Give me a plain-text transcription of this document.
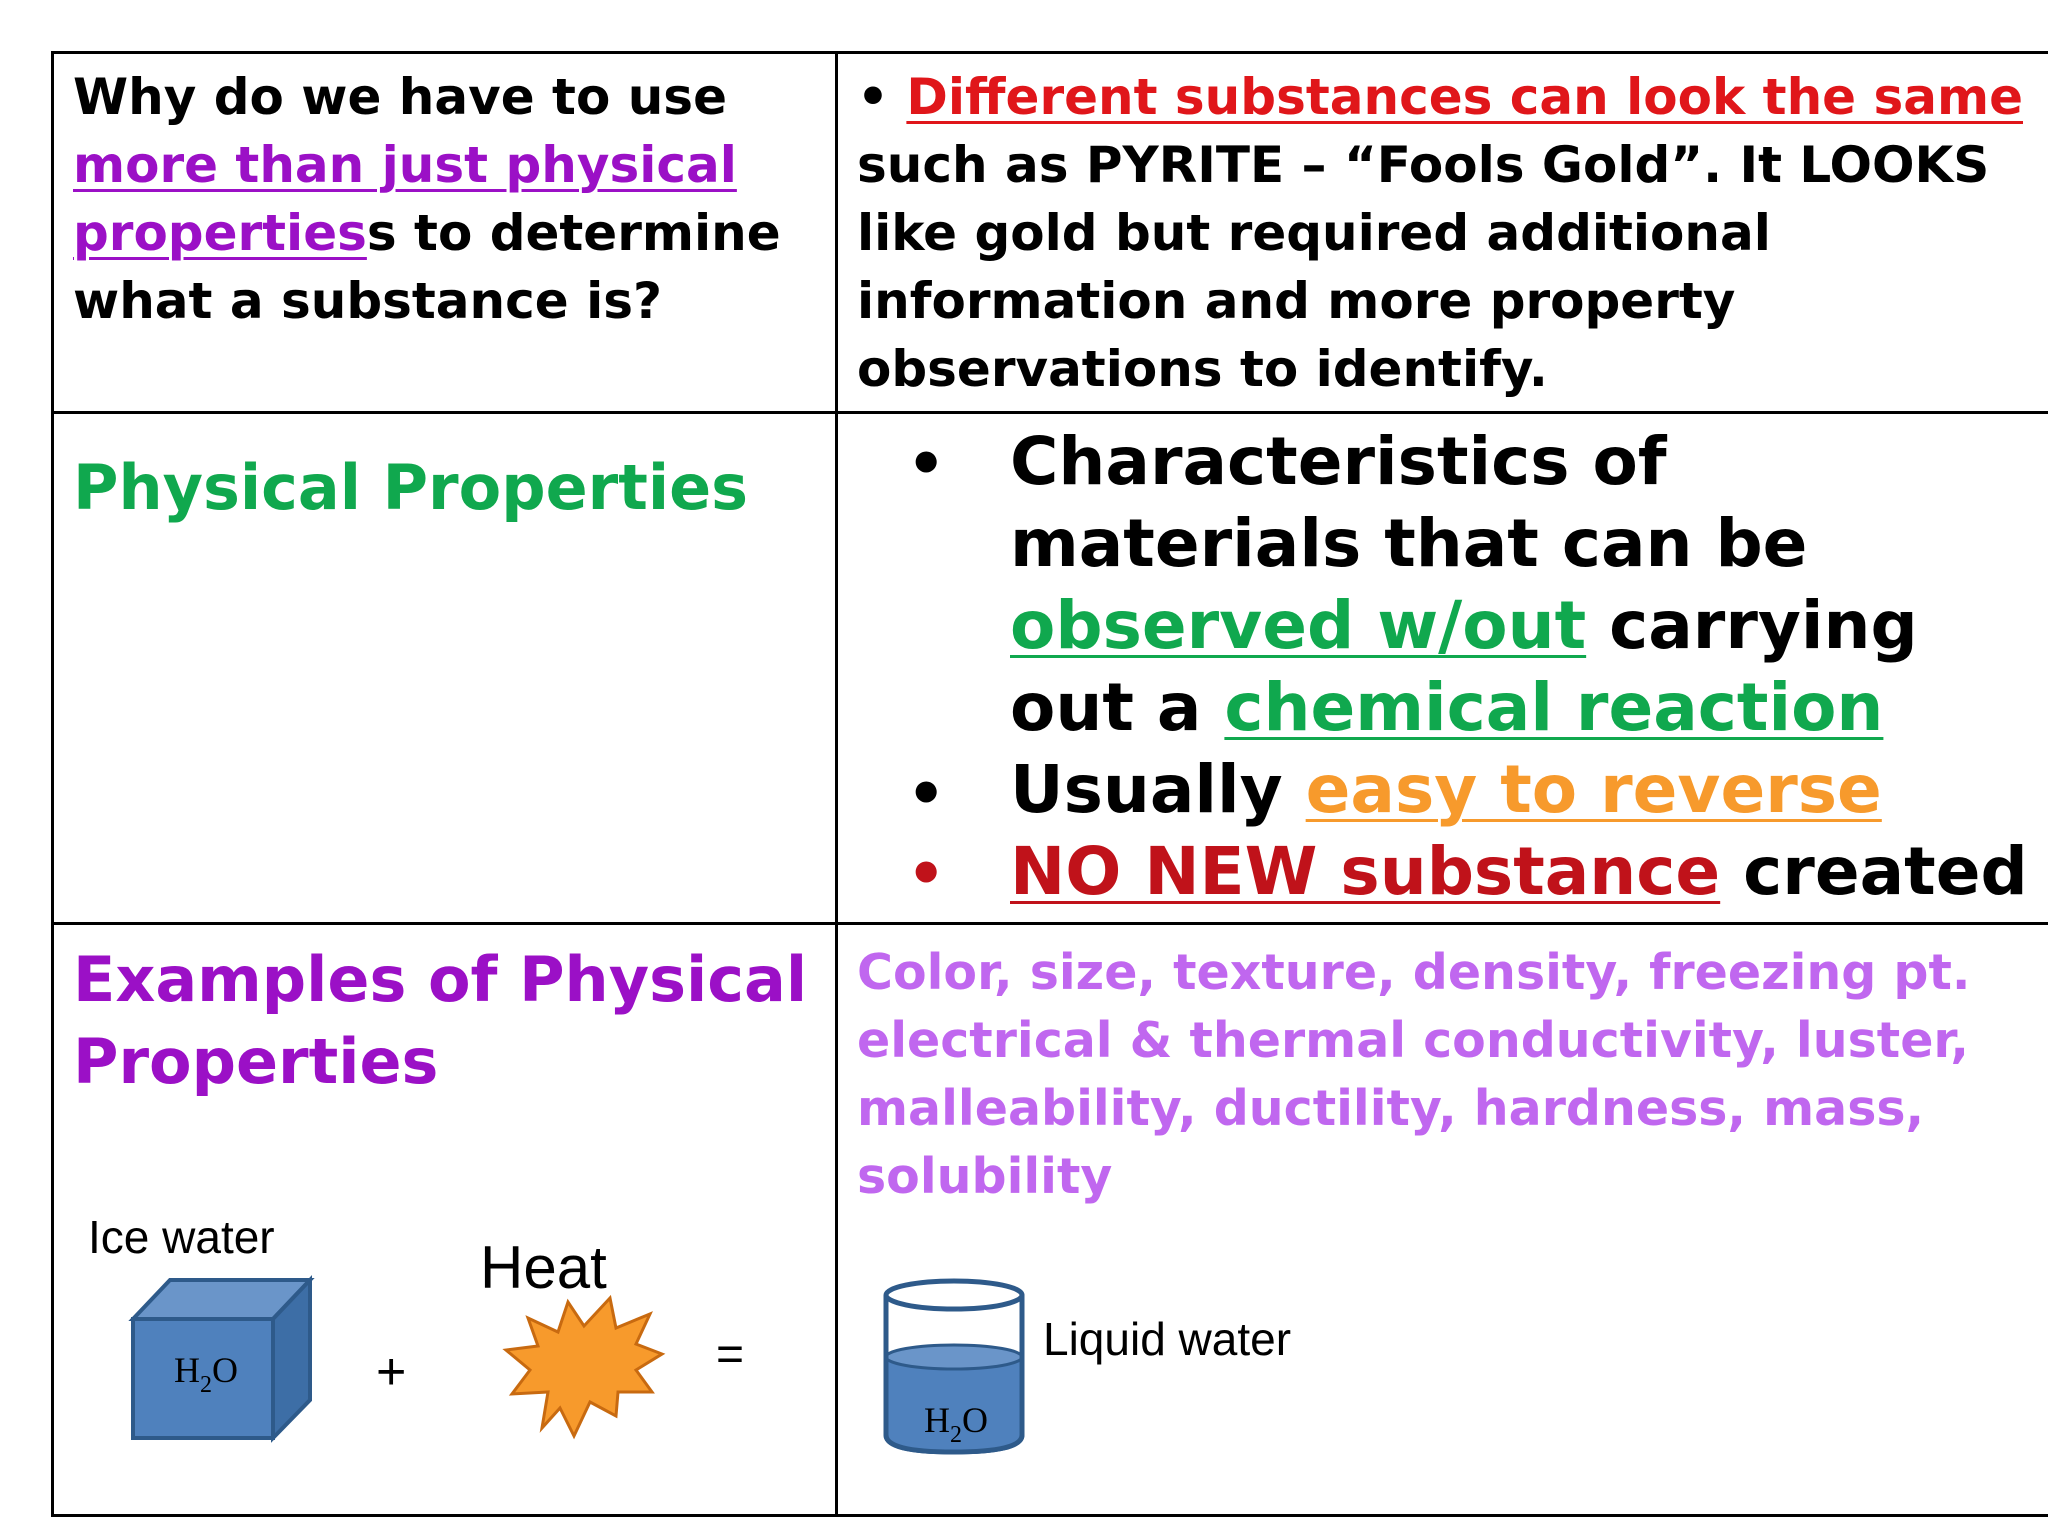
Why do we have to use
more than just physical propertiess to determine what a substance is?
• Different substances can look the same such as PYRITE – “Fools Gold”. It LOOKS like gold but required additional information and more property observations to identify.
Physical Properties	• Characteristics of materials that can be observed w/out carrying out a chemical reaction
• Usually easy to reverse
• NO NEW substance created
Examples of Physical Properties
Color, size, texture, density, freezing pt. electrical & thermal conductivity, luster, malleability, ductility, hardness, mass, solubility
Ice water
$H_2O$	+
Heat
=
$H_2O$
Liquid water
